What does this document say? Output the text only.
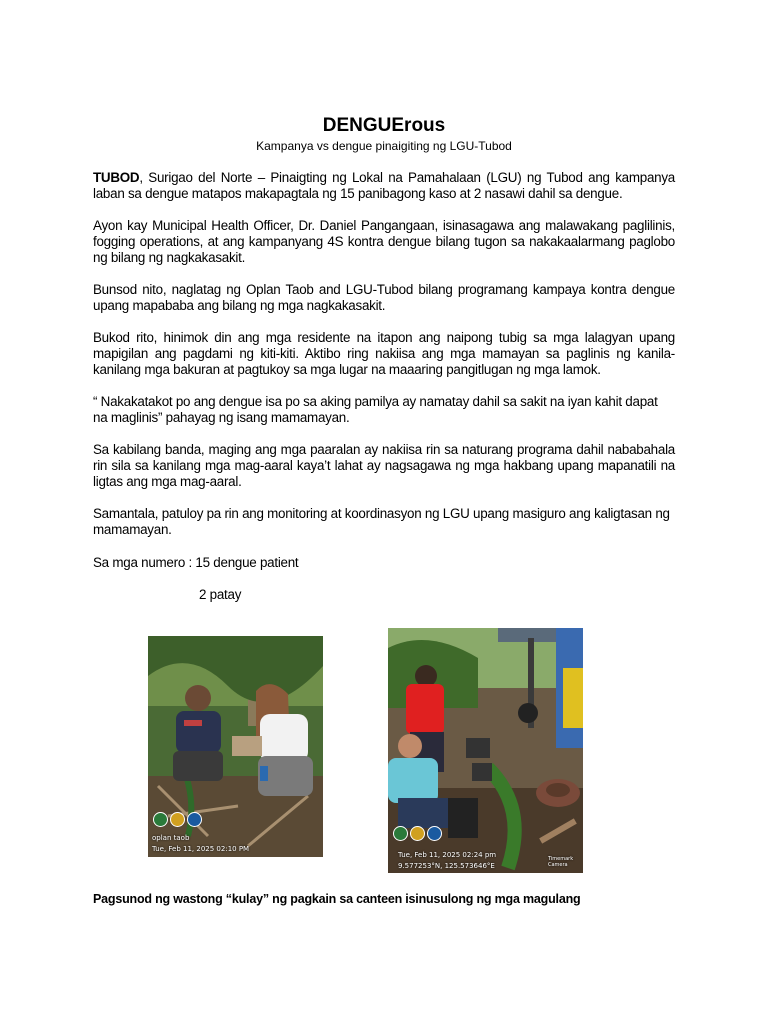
DENGUErous
Kampanya vs dengue pinaigiting ng LGU-Tubod
TUBOD, Surigao del Norte – Pinaigting ng Lokal na Pamahalaan (LGU) ng Tubod ang kampanya laban sa dengue matapos makapagtala ng 15 panibagong kaso at 2 nasawi dahil sa dengue.
Ayon kay Municipal Health Officer, Dr. Daniel Pangangaan, isinasagawa ang malawakang paglilinis, fogging operations, at ang kampanyang 4S kontra dengue bilang tugon sa nakakaalarmang paglobo ng bilang ng nagkakasakit.
Bunsod nito, naglatag ng Oplan Taob and LGU-Tubod bilang programang kampaya kontra dengue upang mapababa ang bilang ng mga nagkakasakit.
Bukod rito, hinimok din ang mga residente na itapon ang naipong tubig sa mga lalagyan upang mapigilan ang pagdami ng kiti-kiti. Aktibo ring nakiisa ang mga mamayan sa paglinis ng kanila-kanilang mga bakuran at pagtukoy sa mga lugar na maaaring pangitlugan ng mga lamok.
“ Nakakatakot po ang dengue isa po sa aking pamilya ay namatay dahil sa sakit na iyan kahit dapat na maglinis” pahayag ng isang mamamayan.
Sa kabilang banda, maging ang mga paaralan ay nakiisa rin sa naturang programa dahil nababahala rin sila sa kanilang mga mag-aaral kaya’t lahat ay nagsagawa ng mga hakbang upang mapanatili na ligtas ang mga mag-aaral.
Samantala, patuloy pa rin ang monitoring at koordinasyon ng LGU upang masiguro ang kaligtasan ng mamamayan.
Sa mga numero : 15 dengue patient
2 patay
Pagsunod ng wastong “kulay” ng pagkain sa canteen isinusulong ng mga magulang
oplan taob
Tue, Feb 11, 2025 02:10 PM
Tue, Feb 11, 2025 02:24 pm
9.577253°N, 125.573646°E
Timemark Camera
